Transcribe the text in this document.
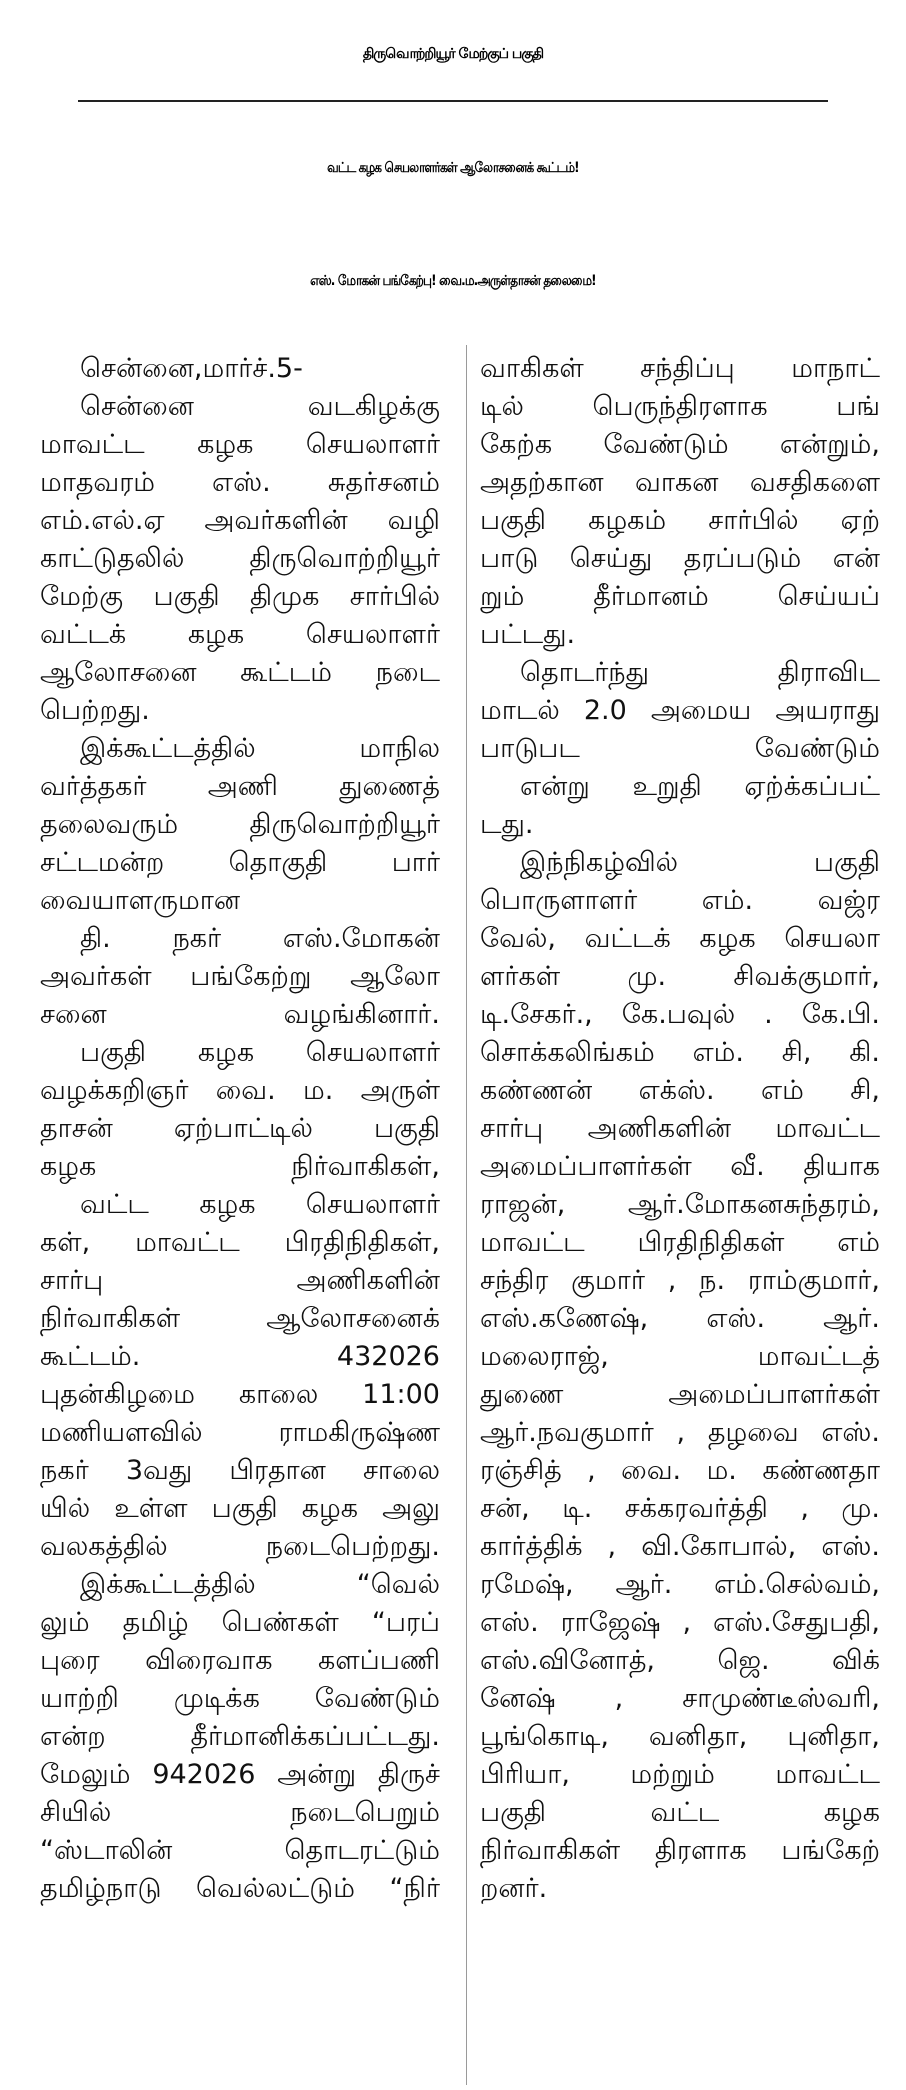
திருவொற்றியூர் மேற்குப் பகுதி
வட்ட கழக செயலாளர்கள் ஆலோசனைக் கூட்டம்!
எஸ். மோகன் பங்கேற்பு! வை.ம.அருள்தாசன் தலைமை!
சென்னை,மார்ச்.5-
சென்னை வடகிழக்கு
மாவட்ட கழக செயலாளர்
மாதவரம் எஸ். சுதர்சனம்
எம்.எல்.ஏ அவர்களின் வழி
காட்டுதலில் திருவொற்றியூர்
மேற்கு பகுதி திமுக சார்பில்
வட்டக் கழக செயலாளர்
ஆலோசனை கூட்டம் நடை
பெற்றது.
இக்கூட்டத்தில் மாநில
வர்த்தகர் அணி துணைத்
தலைவரும் திருவொற்றியூர்
சட்டமன்ற தொகுதி பார்
வையாளருமான
தி. நகர் எஸ்.மோகன்
அவர்கள் பங்கேற்று ஆலோ
சனை வழங்கினார்.
பகுதி கழக செயலாளர்
வழக்கறிஞர் வை. ம. அருள்
தாசன் ஏற்பாட்டில் பகுதி
கழக நிர்வாகிகள்,
வட்ட கழக செயலாளர்
கள், மாவட்ட பிரதிநிதிகள்,
சார்பு அணிகளின்
நிர்வாகிகள் ஆலோசனைக்
கூட்டம். 432026
புதன்கிழமை காலை 11:00
மணியளவில் ராமகிருஷ்ண
நகர் 3வது பிரதான சாலை
யில் உள்ள பகுதி கழக அலு
வலகத்தில் நடைபெற்றது.
இக்கூட்டத்தில் “வெல்
லும் தமிழ் பெண்கள் “பரப்
புரை விரைவாக களப்பணி
யாற்றி முடிக்க வேண்டும்
என்ற தீர்மானிக்கப்பட்டது.
மேலும் 942026 அன்று திருச்
சியில் நடைபெறும்
“ஸ்டாலின் தொடரட்டும்
தமிழ்நாடு வெல்லட்டும் “நிர்
வாகிகள் சந்திப்பு மாநாட்
டில் பெருந்திரளாக பங்
கேற்க வேண்டும் என்றும்,
அதற்கான வாகன வசதிகளை
பகுதி கழகம் சார்பில் ஏற்
பாடு செய்து தரப்படும் என்
றும் தீர்மானம் செய்யப்
பட்டது.
தொடர்ந்து திராவிட
மாடல் 2.0 அமைய அயராது
பாடுபட வேண்டும்
என்று உறுதி ஏற்க்கப்பட்
டது.
இந்நிகழ்வில் பகுதி
பொருளாளர் எம். வஜ்ர
வேல், வட்டக் கழக செயலா
ளர்கள் மு. சிவக்குமார்,
டி.சேகர்., கே.பவுல் . கே.பி.
சொக்கலிங்கம் எம். சி, கி.
கண்ணன் எக்ஸ். எம் சி,
சார்பு அணிகளின் மாவட்ட
அமைப்பாளர்கள் வீ. தியாக
ராஜன், ஆர்.மோகனசுந்தரம்,
மாவட்ட பிரதிநிதிகள் எம்
சந்திர குமார் , ந. ராம்குமார்,
எஸ்.கணேஷ், எஸ். ஆர்.
மலைராஜ், மாவட்டத்
துணை அமைப்பாளர்கள்
ஆர்.நவகுமார் , தழவை எஸ்.
ரஞ்சித் , வை. ம. கண்ணதா
சன், டி. சக்கரவர்த்தி , மு.
கார்த்திக் , வி.கோபால், எஸ்.
ரமேஷ், ஆர். எம்.செல்வம்,
எஸ். ராஜேஷ் , எஸ்.சேதுபதி,
எஸ்.வினோத், ஜெ. விக்
னேஷ் , சாமுண்டீஸ்வரி,
பூங்கொடி, வனிதா, புனிதா,
பிரியா, மற்றும் மாவட்ட
பகுதி வட்ட கழக
நிர்வாகிகள் திரளாக பங்கேற்
றனர்.
